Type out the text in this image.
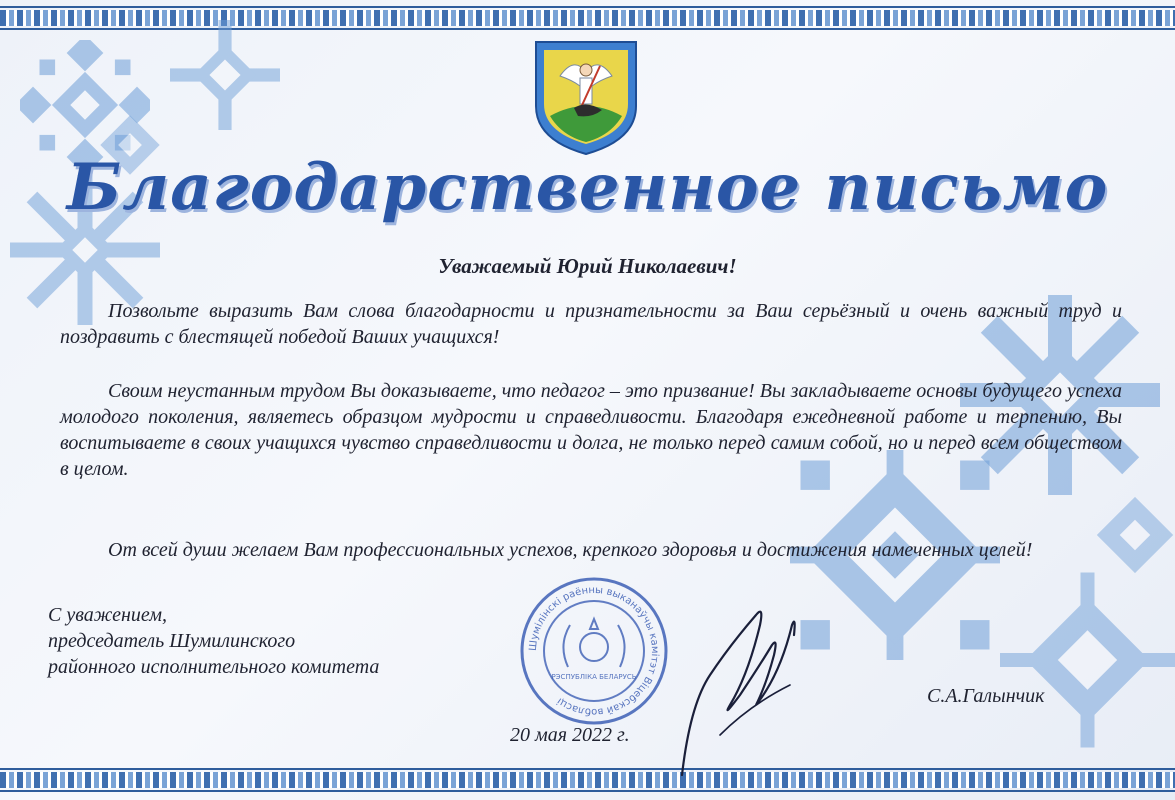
Благодарственное письмо
Уважаемый Юрий Николаевич!
Позвольте выразить Вам слова благодарности и признательности за Ваш серьёзный и очень важный труд и поздравить с блестящей победой Ваших учащихся!
Своим неустанным трудом Вы доказываете, что педагог – это призвание! Вы закладываете основы будущего успеха молодого поколения, являетесь образцом мудрости и справедливости. Благодаря ежедневной работе и терпению, Вы воспитываете в своих учащихся чувство справедливости и долга, не только перед самим собой, но и перед всем обществом в целом.
От всей души желаем Вам профессиональных успехов, крепкого здоровья и достижения намеченных целей!
С уважением,
председатель Шумилинского
районного исполнительного комитета
Шумілінскі раённы выканаўчы камітэт Віцебскай вобласці
РЭСПУБЛІКА БЕЛАРУСЬ
20 мая 2022 г.
С.А.Галынчик
